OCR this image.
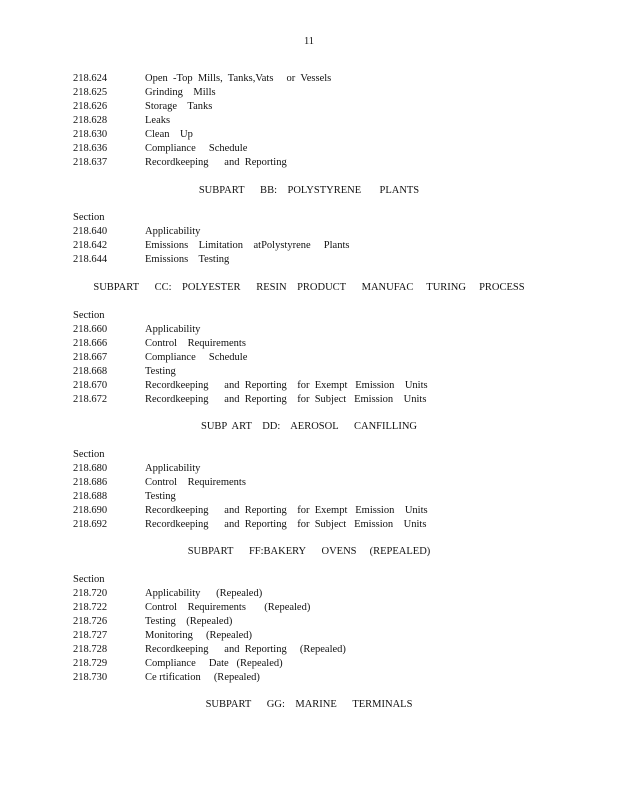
11
218.624	Open  -Top  Mills,  Tanks,Vats     or  Vessels
218.625	Grinding    Mills
218.626	Storage    Tanks
218.628	Leaks
218.630	Clean    Up
218.636	Compliance     Schedule
218.637	Recordkeeping      and  Reporting
SUBPART      BB:    POLYSTYRENE       PLANTS
Section
218.640	Applicability
218.642	Emissions    Limitation    atPolystyrene     Plants
218.644	Emissions    Testing
SUBPART      CC:    POLYESTER      RESIN    PRODUCT      MANUFAC     TURING     PROCESS
Section
218.660	Applicability
218.666	Control    Requirements
218.667	Compliance     Schedule
218.668	Testing
218.670	Recordkeeping      and  Reporting    for  Exempt   Emission    Units
218.672	Recordkeeping      and  Reporting    for  Subject   Emission    Units
SUBP  ART    DD:    AEROSOL      CANFILLING
Section
218.680	Applicability
218.686	Control    Requirements
218.688	Testing
218.690	Recordkeeping      and  Reporting    for  Exempt   Emission    Units
218.692	Recordkeeping      and  Reporting    for  Subject   Emission    Units
SUBPART      FF:BAKERY      OVENS     (REPEALED)
Section
218.720	Applicability      (Repealed)
218.722	Control    Requirements       (Repealed)
218.726	Testing    (Repealed)
218.727	Monitoring     (Repealed)
218.728	Recordkeeping      and  Reporting     (Repealed)
218.729	Compliance     Date   (Repealed)
218.730	Ce rtification     (Repealed)
SUBPART      GG:    MARINE      TERMINALS
